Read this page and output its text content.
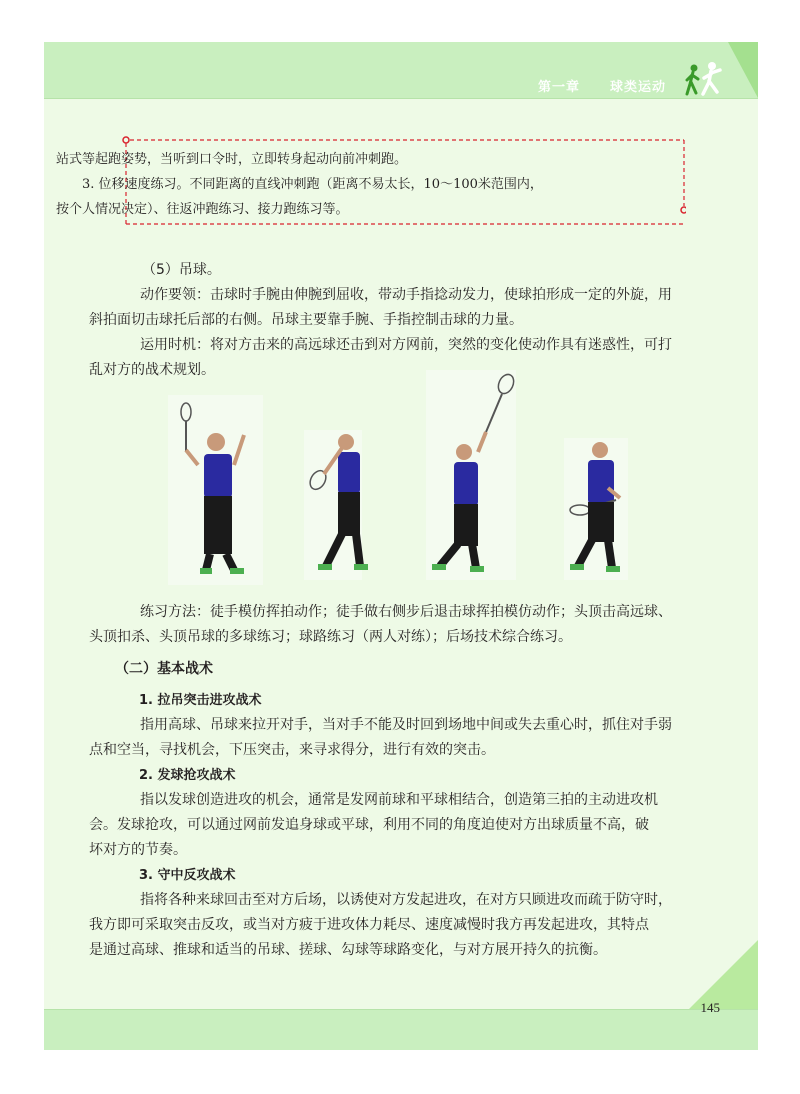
第一章 球类运动
145

站式等起跑姿势，当听到口令时，立即转身起动向前冲刺跑。

3. 位移速度练习。不同距离的直线冲刺跑（距离不易太长，10～100米范围内，

按个人情况决定）、往返冲跑练习、接力跑练习等。

（5）吊球。

动作要领：击球时手腕由伸腕到屈收，带动手指捻动发力，使球拍形成一定的外旋，用

斜拍面切击球托后部的右侧。吊球主要靠手腕、手指控制击球的力量。

运用时机：将对方击来的高远球还击到对方网前，突然的变化使动作具有迷惑性，可打

乱对方的战术规划。

练习方法：徒手模仿挥拍动作；徒手做右侧步后退击球挥拍模仿动作；头顶击高远球、

头顶扣杀、头顶吊球的多球练习；球路练习（两人对练）；后场技术综合练习。

（二）基本战术

1. 拉吊突击进攻战术

指用高球、吊球来拉开对手，当对手不能及时回到场地中间或失去重心时，抓住对手弱

点和空当，寻找机会，下压突击，来寻求得分，进行有效的突击。

2. 发球抢攻战术

指以发球创造进攻的机会，通常是发网前球和平球相结合，创造第三拍的主动进攻机

会。发球抢攻，可以通过网前发追身球或平球，利用不同的角度迫使对方出球质量不高，破

坏对方的节奏。

3. 守中反攻战术

指将各种来球回击至对方后场，以诱使对方发起进攻，在对方只顾进攻而疏于防守时，

我方即可采取突击反攻，或当对方疲于进攻体力耗尽、速度减慢时我方再发起进攻，其特点

是通过高球、推球和适当的吊球、搓球、勾球等球路变化，与对方展开持久的抗衡。
